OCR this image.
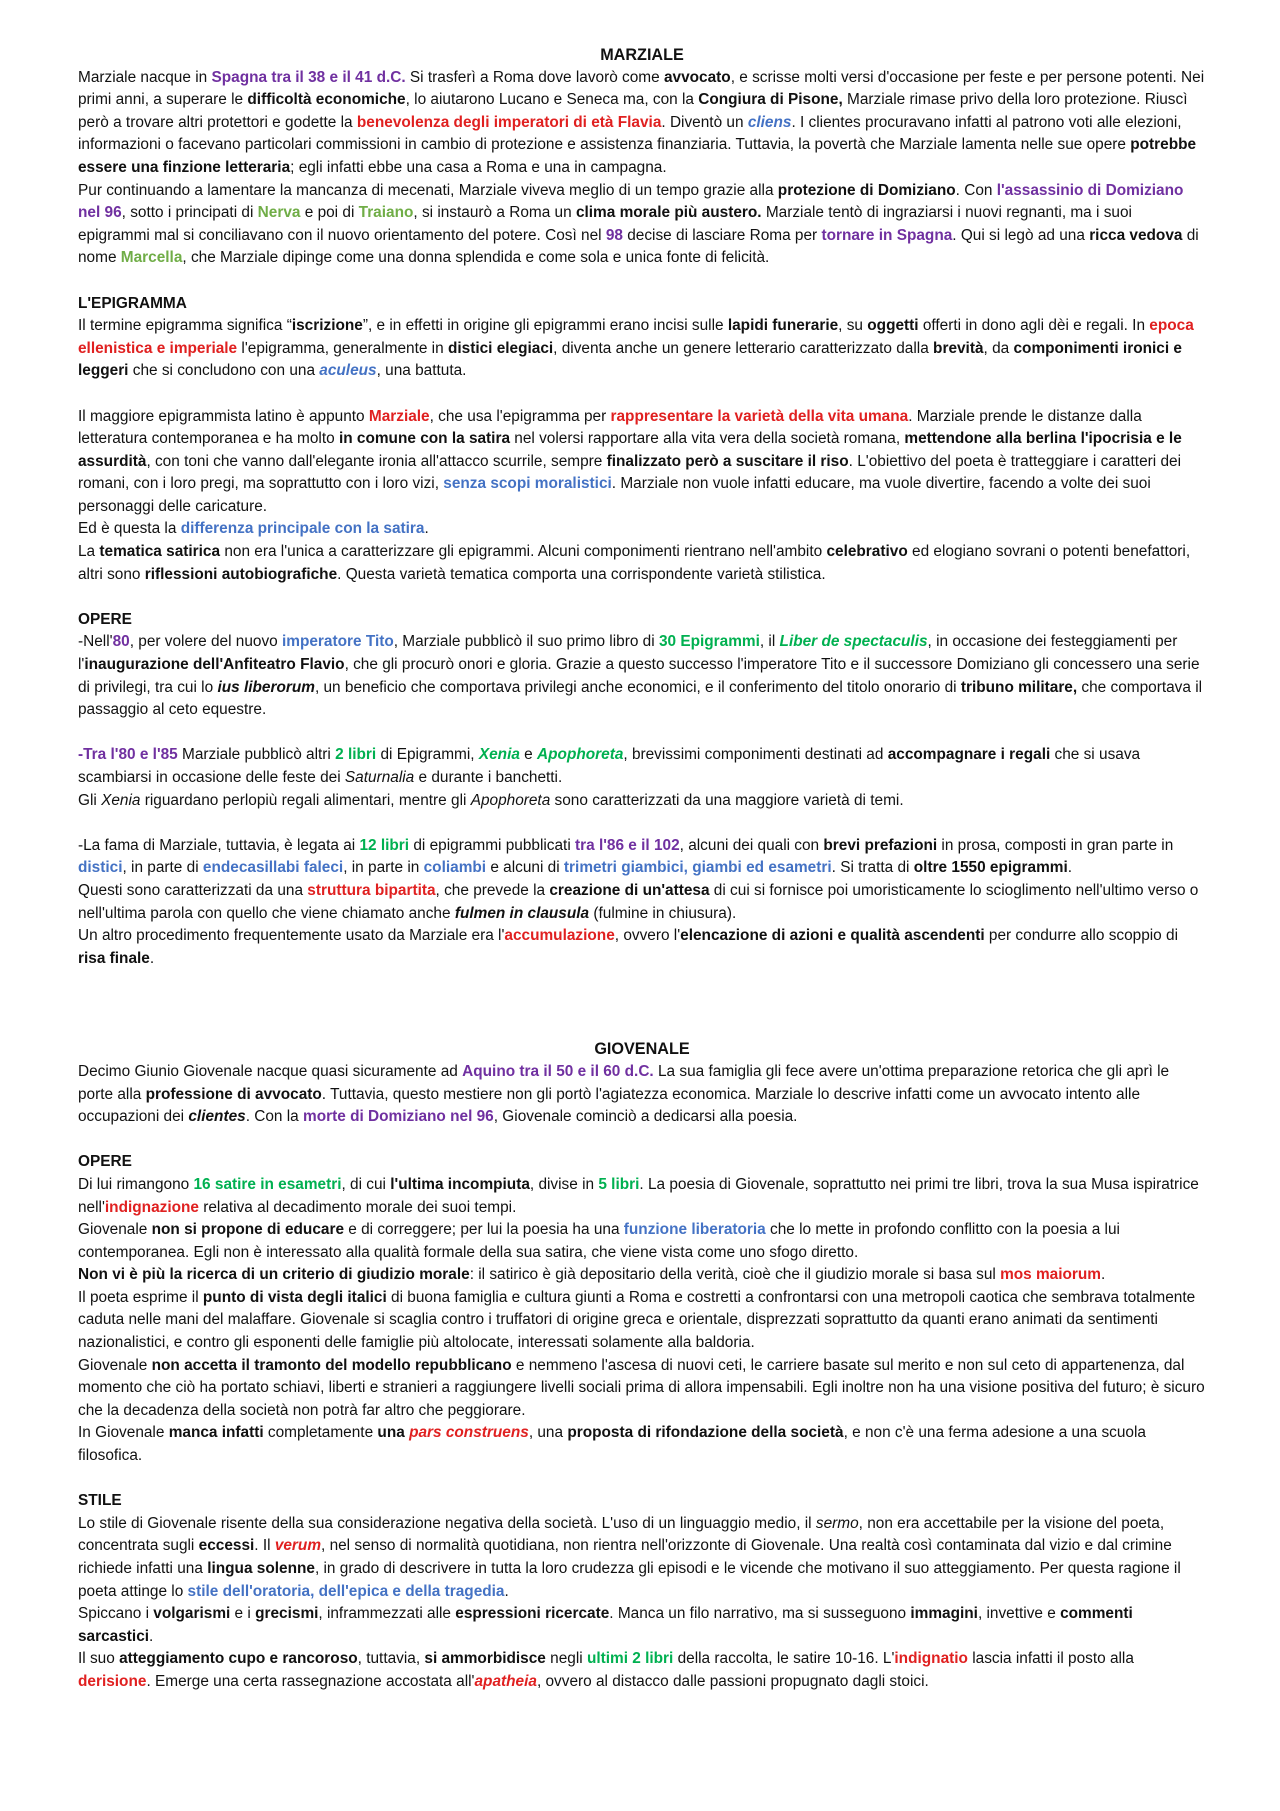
MARZIALE

Marziale nacque in Spagna tra il 38 e il 41 d.C. Si trasferì a Roma dove lavorò come avvocato, e scrisse molti versi d'occasione per feste e per persone potenti. Nei primi anni, a superare le difficoltà economiche, lo aiutarono Lucano e Seneca ma, con la Congiura di Pisone, Marziale rimase privo della loro protezione. Riuscì però a trovare altri protettori e godette la benevolenza degli imperatori di età Flavia. Diventò un cliens. I clientes procuravano infatti al patrono voti alle elezioni, informazioni o facevano particolari commissioni in cambio di protezione e assistenza finanziaria. Tuttavia, la povertà che Marziale lamenta nelle sue opere potrebbe essere una finzione letteraria; egli infatti ebbe una casa a Roma e una in campagna.

Pur continuando a lamentare la mancanza di mecenati, Marziale viveva meglio di un tempo grazie alla protezione di Domiziano. Con l'assassinio di Domiziano nel 96, sotto i principati di Nerva e poi di Traiano, si instaurò a Roma un clima morale più austero. Marziale tentò di ingraziarsi i nuovi regnanti, ma i suoi epigrammi mal si conciliavano con il nuovo orientamento del potere. Così nel 98 decise di lasciare Roma per tornare in Spagna. Qui si legò ad una ricca vedova di nome Marcella, che Marziale dipinge come una donna splendida e come sola e unica fonte di felicità.

L'EPIGRAMMA

Il termine epigramma significa “iscrizione”, e in effetti in origine gli epigrammi erano incisi sulle lapidi funerarie, su oggetti offerti in dono agli dèi e regali. In epoca ellenistica e imperiale l'epigramma, generalmente in distici elegiaci, diventa anche un genere letterario caratterizzato dalla brevità, da componimenti ironici e leggeri che si concludono con una aculeus, una battuta.

Il maggiore epigrammista latino è appunto Marziale, che usa l'epigramma per rappresentare la varietà della vita umana. Marziale prende le distanze dalla letteratura contemporanea e ha molto in comune con la satira nel volersi rapportare alla vita vera della società romana, mettendone alla berlina l'ipocrisia e le assurdità, con toni che vanno dall'elegante ironia all'attacco scurrile, sempre finalizzato però a suscitare il riso. L'obiettivo del poeta è tratteggiare i caratteri dei romani, con i loro pregi, ma soprattutto con i loro vizi, senza scopi moralistici. Marziale non vuole infatti educare, ma vuole divertire, facendo a volte dei suoi personaggi delle caricature.

Ed è questa la differenza principale con la satira.

La tematica satirica non era l'unica a caratterizzare gli epigrammi. Alcuni componimenti rientrano nell'ambito celebrativo ed elogiano sovrani o potenti benefattori, altri sono riflessioni autobiografiche. Questa varietà tematica comporta una corrispondente varietà stilistica.

OPERE

-Nell'80, per volere del nuovo imperatore Tito, Marziale pubblicò il suo primo libro di 30 Epigrammi, il Liber de spectaculis, in occasione dei festeggiamenti per l'inaugurazione dell'Anfiteatro Flavio, che gli procurò onori e gloria. Grazie a questo successo l'imperatore Tito e il successore Domiziano gli concessero una serie di privilegi, tra cui lo ius liberorum, un beneficio che comportava privilegi anche economici, e il conferimento del titolo onorario di tribuno militare, che comportava il passaggio al ceto equestre.

-Tra l'80 e l'85 Marziale pubblicò altri 2 libri di Epigrammi, Xenia e Apophoreta, brevissimi componimenti destinati ad accompagnare i regali che si usava scambiarsi in occasione delle feste dei Saturnalia e durante i banchetti.

Gli Xenia riguardano perlopiù regali alimentari, mentre gli Apophoreta sono caratterizzati da una maggiore varietà di temi.

-La fama di Marziale, tuttavia, è legata ai 12 libri di epigrammi pubblicati tra l'86 e il 102, alcuni dei quali con brevi prefazioni in prosa, composti in gran parte in distici, in parte di endecasillabi faleci, in parte in coliambi e alcuni di trimetri giambici, giambi ed esametri. Si tratta di oltre 1550 epigrammi.

Questi sono caratterizzati da una struttura bipartita, che prevede la creazione di un'attesa di cui si fornisce poi umoristicamente lo scioglimento nell'ultimo verso o nell'ultima parola con quello che viene chiamato anche fulmen in clausula (fulmine in chiusura).

Un altro procedimento frequentemente usato da Marziale era l'accumulazione, ovvero l'elencazione di azioni e qualità ascendenti per condurre allo scoppio di risa finale.

GIOVENALE

Decimo Giunio Giovenale nacque quasi sicuramente ad Aquino tra il 50 e il 60 d.C. La sua famiglia gli fece avere un'ottima preparazione retorica che gli aprì le porte alla professione di avvocato. Tuttavia, questo mestiere non gli portò l'agiatezza economica. Marziale lo descrive infatti come un avvocato intento alle occupazioni dei clientes. Con la morte di Domiziano nel 96, Giovenale cominciò a dedicarsi alla poesia.

OPERE

Di lui rimangono 16 satire in esametri, di cui l'ultima incompiuta, divise in 5 libri. La poesia di Giovenale, soprattutto nei primi tre libri, trova la sua Musa ispiratrice nell'indignazione relativa al decadimento morale dei suoi tempi.

Giovenale non si propone di educare e di correggere; per lui la poesia ha una funzione liberatoria che lo mette in profondo conflitto con la poesia a lui contemporanea. Egli non è interessato alla qualità formale della sua satira, che viene vista come uno sfogo diretto.

Non vi è più la ricerca di un criterio di giudizio morale: il satirico è già depositario della verità, cioè che il giudizio morale si basa sul mos maiorum.

Il poeta esprime il punto di vista degli italici di buona famiglia e cultura giunti a Roma e costretti a confrontarsi con una metropoli caotica che sembrava totalmente caduta nelle mani del malaffare. Giovenale si scaglia contro i truffatori di origine greca e orientale, disprezzati soprattutto da quanti erano animati da sentimenti nazionalistici, e contro gli esponenti delle famiglie più altolocate, interessati solamente alla baldoria.

Giovenale non accetta il tramonto del modello repubblicano e nemmeno l'ascesa di nuovi ceti, le carriere basate sul merito e non sul ceto di appartenenza, dal momento che ciò ha portato schiavi, liberti e stranieri a raggiungere livelli sociali prima di allora impensabili. Egli inoltre non ha una visione positiva del futuro; è sicuro che la decadenza della società non potrà far altro che peggiorare.

In Giovenale manca infatti completamente una pars construens, una proposta di rifondazione della società, e non c'è una ferma adesione a una scuola filosofica.

STILE

Lo stile di Giovenale risente della sua considerazione negativa della società. L'uso di un linguaggio medio, il sermo, non era accettabile per la visione del poeta, concentrata sugli eccessi. Il verum, nel senso di normalità quotidiana, non rientra nell'orizzonte di Giovenale. Una realtà così contaminata dal vizio e dal crimine richiede infatti una lingua solenne, in grado di descrivere in tutta la loro crudezza gli episodi e le vicende che motivano il suo atteggiamento. Per questa ragione il poeta attinge lo stile dell'oratoria, dell'epica e della tragedia.

Spiccano i volgarismi e i grecismi, inframmezzati alle espressioni ricercate. Manca un filo narrativo, ma si susseguono immagini, invettive e commenti sarcastici.

Il suo atteggiamento cupo e rancoroso, tuttavia, si ammorbidisce negli ultimi 2 libri della raccolta, le satire 10-16. L'indignatio lascia infatti il posto alla derisione. Emerge una certa rassegnazione accostata all'apatheia, ovvero al distacco dalle passioni propugnato dagli stoici.
